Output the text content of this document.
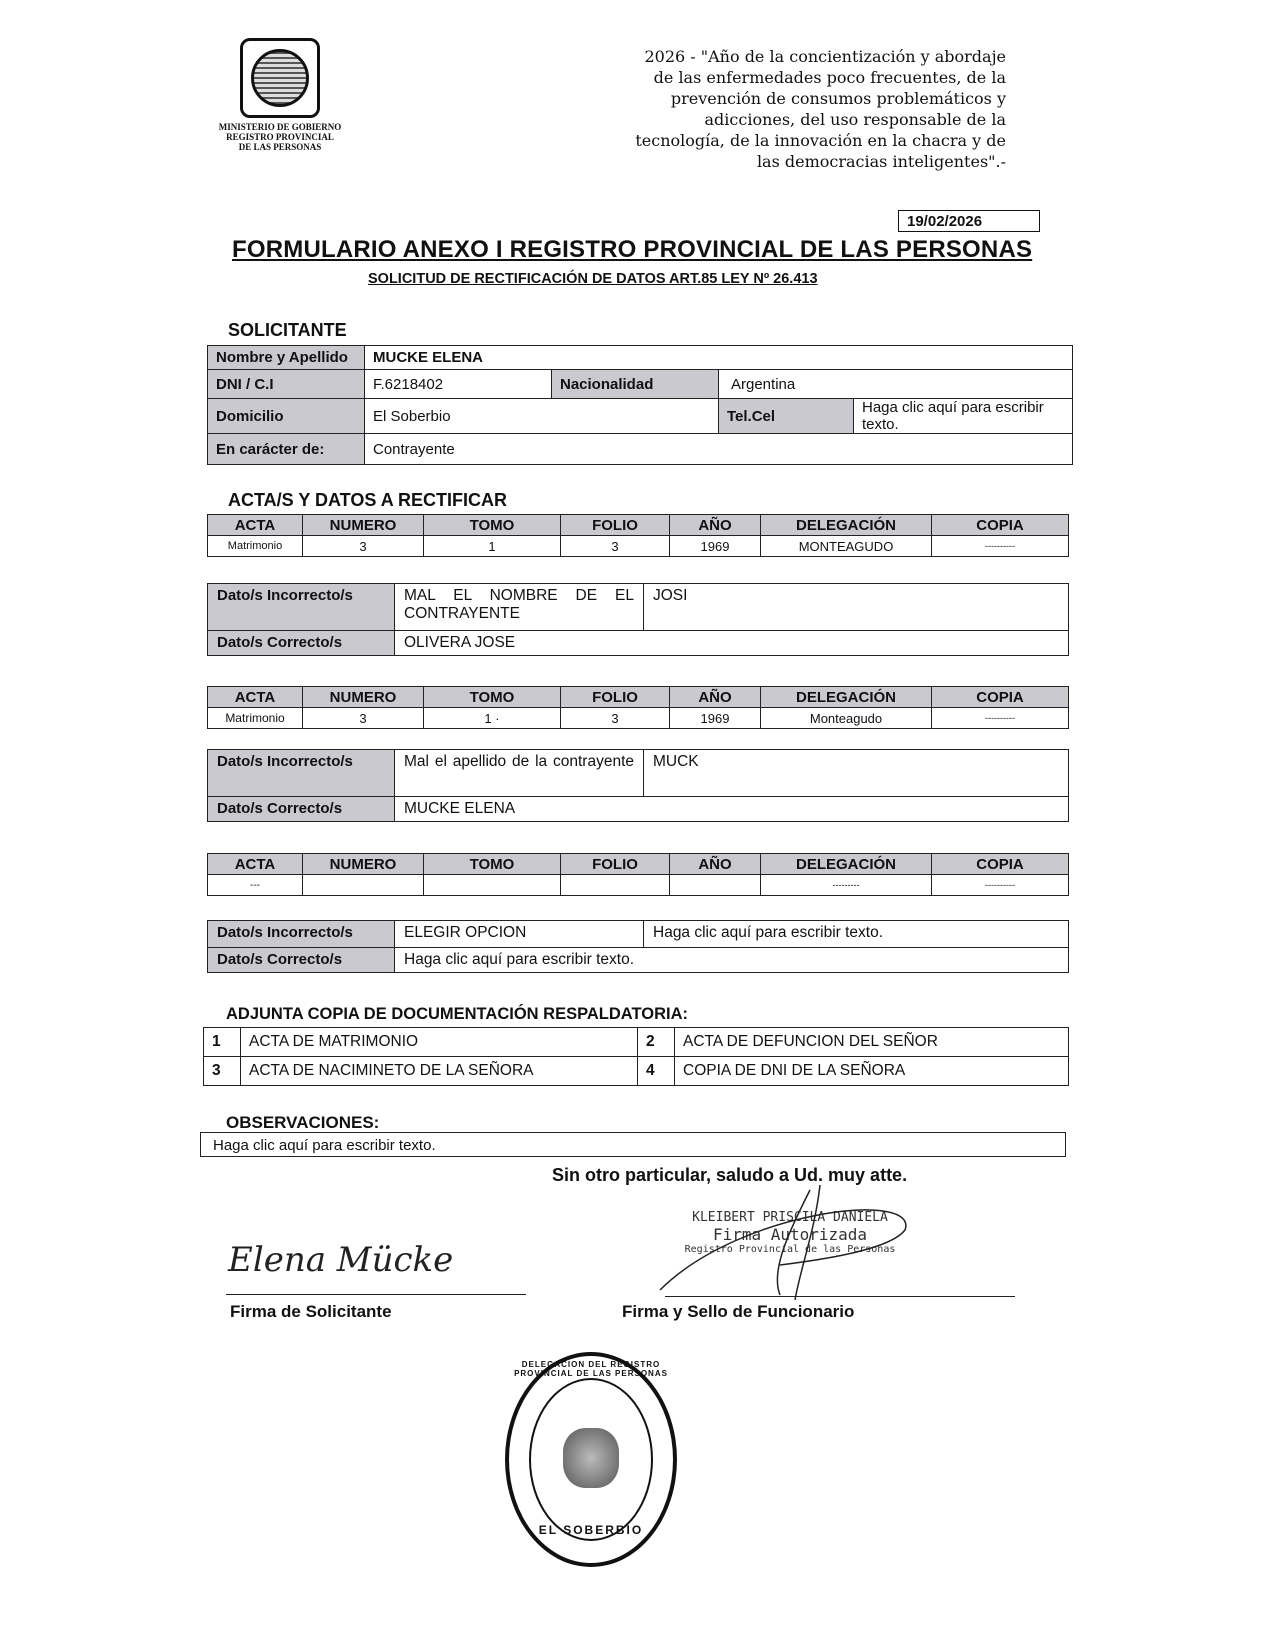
MINISTERIO DE GOBIERNO
REGISTRO PROVINCIAL
DE LAS PERSONAS
2026 - "Año de la concientización y abordaje
de las enfermedades poco frecuentes, de la
prevención de consumos problemáticos y
adicciones, del uso responsable de la
tecnología, de la innovación en la chacra y de
las democracias inteligentes".-
19/02/2026
FORMULARIO ANEXO I REGISTRO PROVINCIAL DE LAS PERSONAS
SOLICITUD DE RECTIFICACIÓN DE DATOS ART.85 LEY Nº 26.413
SOLICITANTE
Nombre y Apellido	MUCKE ELENA			
DNI / C.I	F.6218402	Nacionalidad	Argentina	
Domicilio	El Soberbio		Tel.Cel	Haga clic aquí para escribir texto.
En carácter de:	Contrayente			
ACTA/S Y DATOS A RECTIFICAR
ACTA	NUMERO	TOMO	FOLIO	AÑO	DELEGACIÓN	COPIA
Matrimonio	3	1	3	1969	MONTEAGUDO	----------
Dato/s Incorrecto/s	MAL EL NOMBRE DE EL CONTRAYENTE	JOSI
Dato/s Correcto/s	OLIVERA JOSE	
ACTA	NUMERO	TOMO	FOLIO	AÑO	DELEGACIÓN	COPIA
Matrimonio	3	1 ·	3	1969	Monteagudo	----------
Dato/s Incorrecto/s	Mal el apellido de la contrayente	MUCK
Dato/s Correcto/s	MUCKE ELENA	
ACTA	NUMERO	TOMO	FOLIO	AÑO	DELEGACIÓN	COPIA
---					---------	----------
Dato/s Incorrecto/s	ELEGIR OPCION	Haga clic aquí para escribir texto.
Dato/s Correcto/s	Haga clic aquí para escribir texto.	
ADJUNTA COPIA DE DOCUMENTACIÓN RESPALDATORIA:
1	ACTA DE MATRIMONIO	2	ACTA DE DEFUNCION DEL SEÑOR
3	ACTA DE NACIMINETO DE LA SEÑORA	4	COPIA DE DNI DE LA SEÑORA
OBSERVACIONES:
Haga clic aquí para escribir texto.
Sin otro particular, saludo a Ud. muy atte.
Elena Mücke
Firma de Solicitante
KLEIBERT PRISCILA DANIELA
Firma Autorizada
Registro Provincial de las Personas
Firma y Sello de Funcionario
DELEGACION DEL REGISTRO PROVINCIAL DE LAS PERSONAS
EL SOBERBIO
